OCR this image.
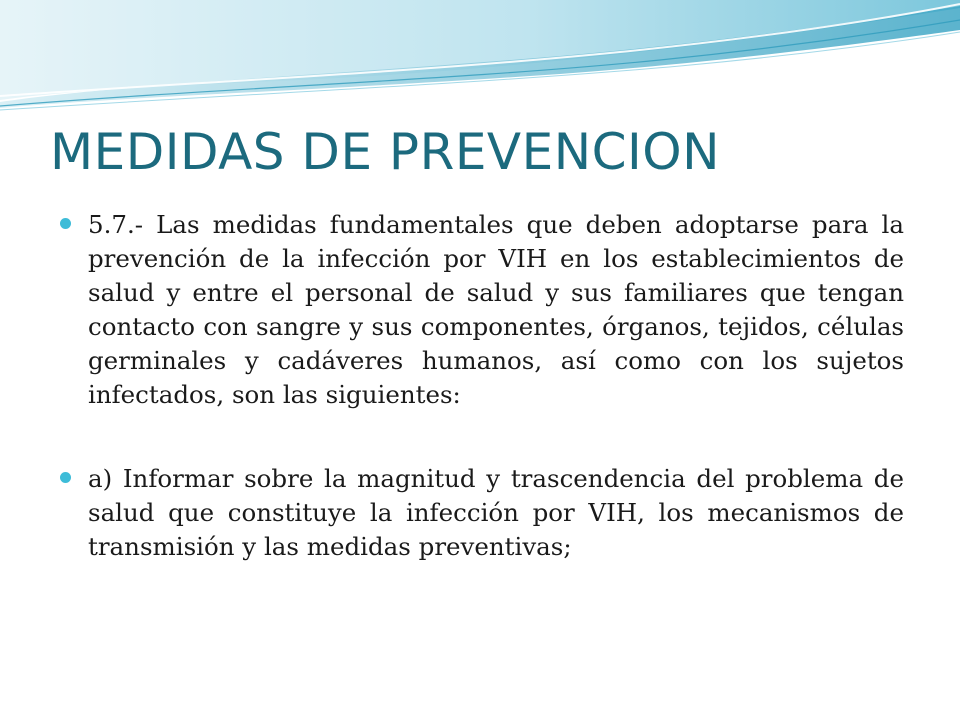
MEDIDAS DE PREVENCION
5.7.- Las medidas fundamentales que deben adoptarse para la prevención de la infección por VIH en los establecimientos de salud y entre el personal de salud y sus familiares que tengan contacto con sangre y sus componentes, órganos, tejidos, células germinales y cadáveres humanos, así como con los sujetos infectados, son las siguientes:
a) Informar sobre la magnitud y trascendencia del problema de salud que constituye la infección por VIH, los mecanismos de transmisión y las medidas preventivas;
